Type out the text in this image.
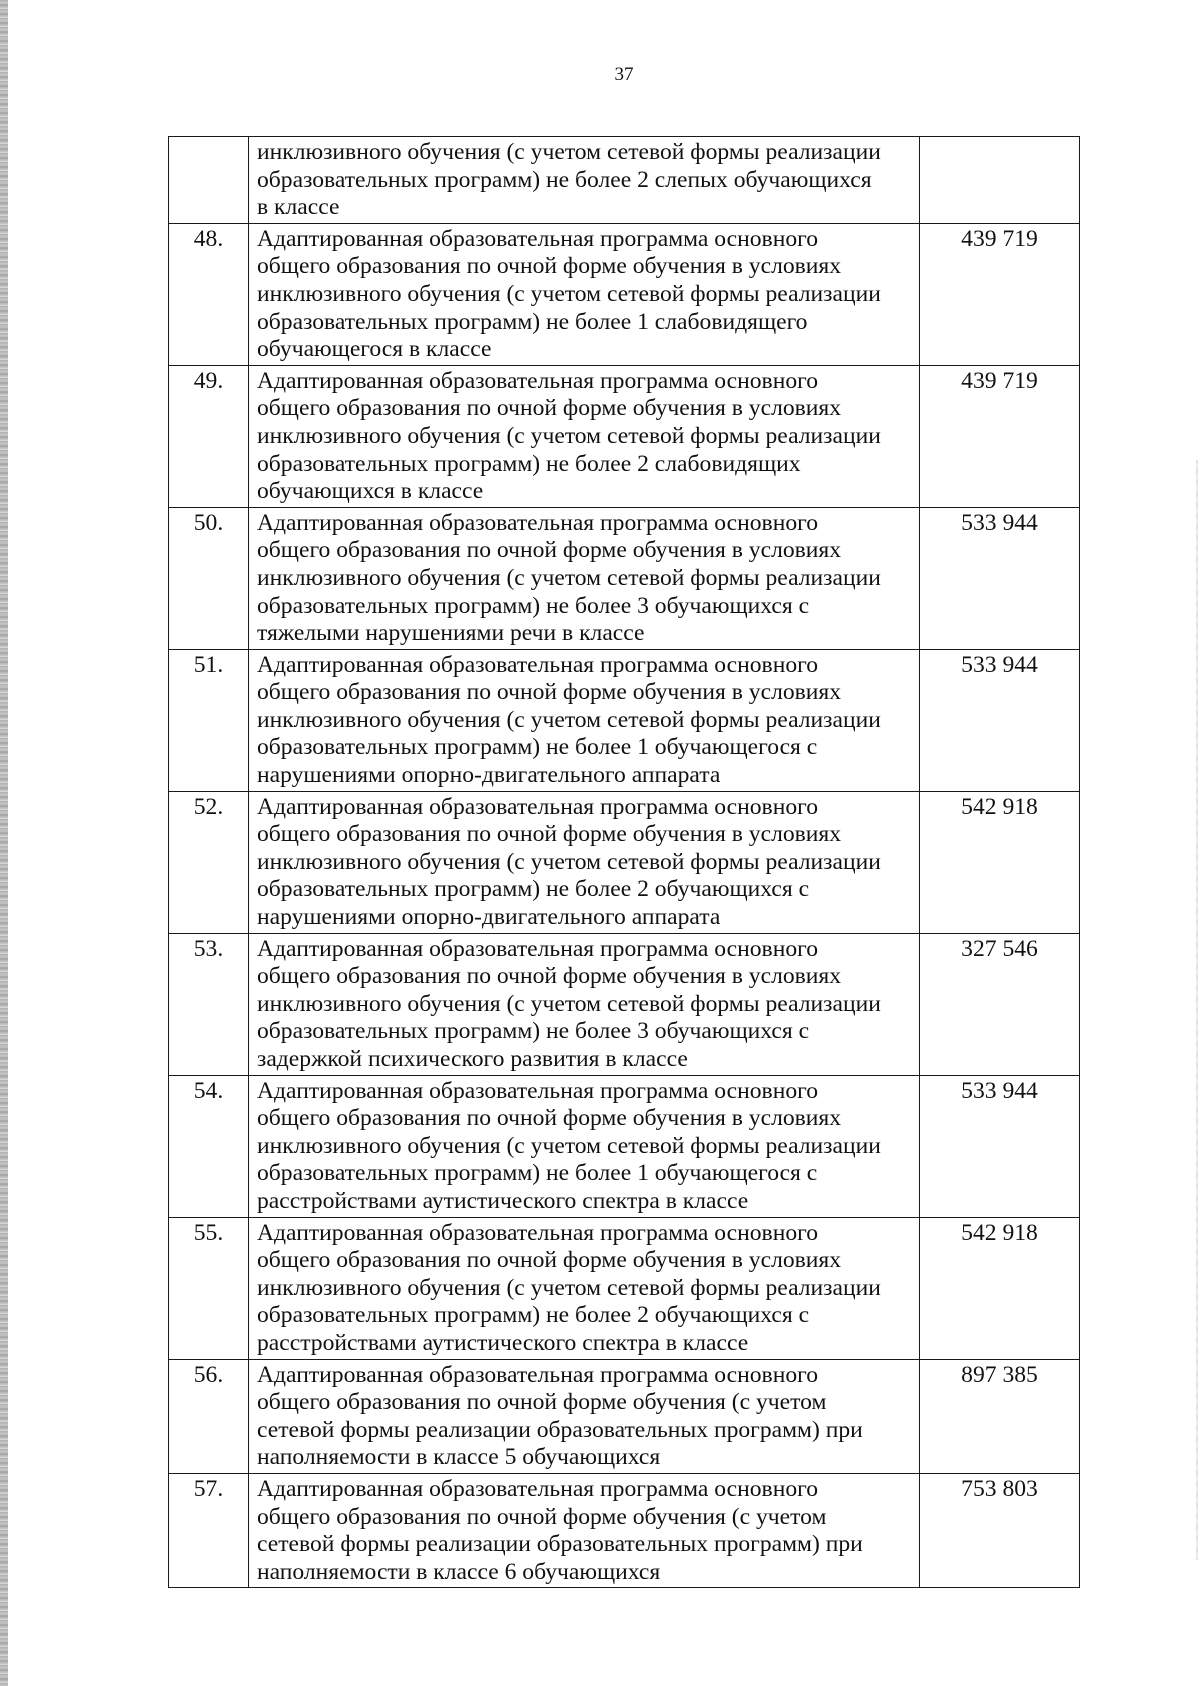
37

	инклюзивного обучения (с учетом сетевой формы реализации
образовательных программ) не более 2 слепых обучающихся
в классе	

48.	Адаптированная образовательная программа основного
общего образования по очной форме обучения в условиях
инклюзивного обучения (с учетом сетевой формы реализации
образовательных программ) не более 1 слабовидящего
обучающегося в классе	439 719
49.	Адаптированная образовательная программа основного
общего образования по очной форме обучения в условиях
инклюзивного обучения (с учетом сетевой формы реализации
образовательных программ) не более 2 слабовидящих
обучающихся в классе	439 719
50.	Адаптированная образовательная программа основного
общего образования по очной форме обучения в условиях
инклюзивного обучения (с учетом сетевой формы реализации
образовательных программ) не более 3 обучающихся с
тяжелыми нарушениями речи в классе	533 944
51.	Адаптированная образовательная программа основного
общего образования по очной форме обучения в условиях
инклюзивного обучения (с учетом сетевой формы реализации
образовательных программ) не более 1 обучающегося с
нарушениями опорно-двигательного аппарата	533 944
52.	Адаптированная образовательная программа основного
общего образования по очной форме обучения в условиях
инклюзивного обучения (с учетом сетевой формы реализации
образовательных программ) не более 2 обучающихся с
нарушениями опорно-двигательного аппарата	542 918
53.	Адаптированная образовательная программа основного
общего образования по очной форме обучения в условиях
инклюзивного обучения (с учетом сетевой формы реализации
образовательных программ) не более 3 обучающихся с
задержкой психического развития в классе	327 546
54.	Адаптированная образовательная программа основного
общего образования по очной форме обучения в условиях
инклюзивного обучения (с учетом сетевой формы реализации
образовательных программ) не более 1 обучающегося с
расстройствами аутистического спектра в классе	533 944
55.	Адаптированная образовательная программа основного
общего образования по очной форме обучения в условиях
инклюзивного обучения (с учетом сетевой формы реализации
образовательных программ) не более 2 обучающихся с
расстройствами аутистического спектра в классе	542 918
56.	Адаптированная образовательная программа основного
общего образования по очной форме обучения (с учетом
сетевой формы реализации образовательных программ) при
наполняемости в классе 5 обучающихся	897 385
57.	Адаптированная образовательная программа основного
общего образования по очной форме обучения (с учетом
сетевой формы реализации образовательных программ) при
наполняемости в классе 6 обучающихся	753 803
